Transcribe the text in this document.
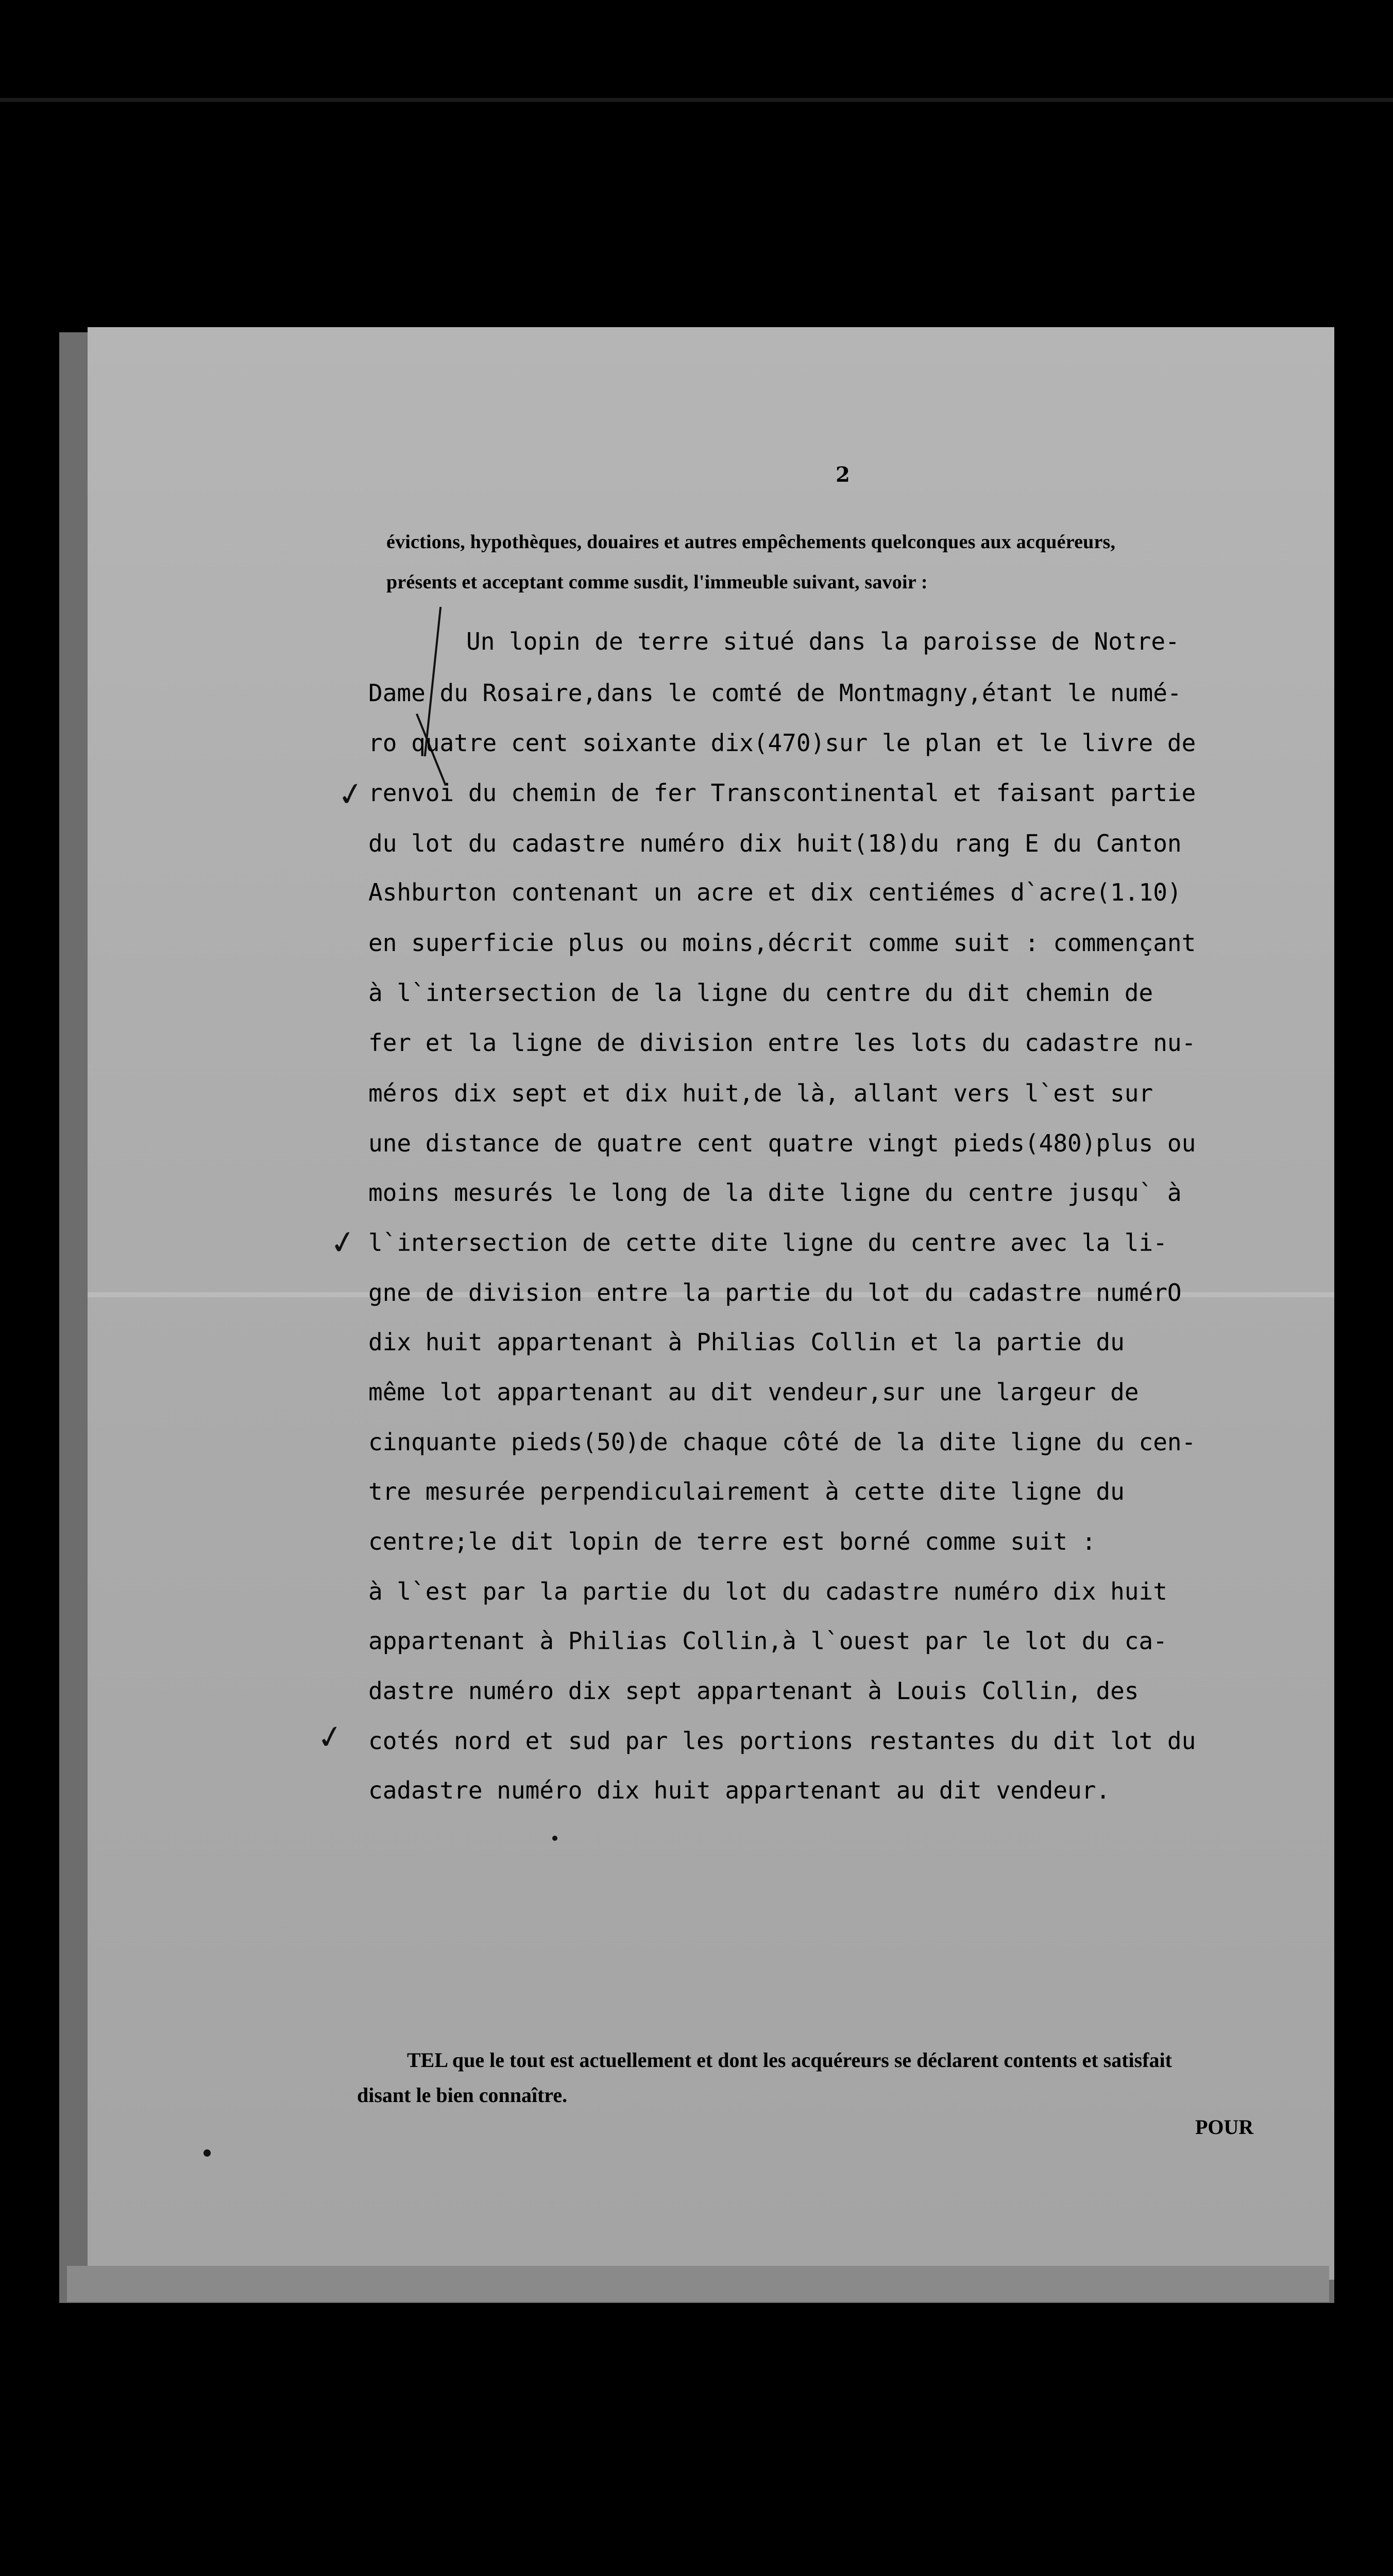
2
évictions, hypothèques, douaires et autres empêchements quelconques aux acquéreurs,
présents et acceptant comme susdit, l'immeuble suivant, savoir :
Un lopin de terre situé dans la paroisse de Notre-
Dame du Rosaire,dans le comté de Montmagny,étant le numé-
ro quatre cent soixante dix(470)sur le plan et le livre de
renvoi du chemin de fer Transcontinental et faisant partie
du lot du cadastre numéro dix huit(18)du rang E du Canton
Ashburton contenant un acre et dix centiémes d`acre(1.10)
en superficie plus ou moins,décrit comme suit : commençant
à l`intersection de la ligne du centre du dit chemin de
fer et la ligne de division entre les lots du cadastre nu-
méros dix sept et dix huit,de là, allant vers l`est sur
une distance de quatre cent quatre vingt pieds(480)plus ou
moins mesurés le long de la dite ligne du centre jusqu` à
l`intersection de cette dite ligne du centre avec la li-
gne de division entre la partie du lot du cadastre numérO
dix huit appartenant à Philias Collin et la partie du
même lot appartenant au dit vendeur,sur une largeur de
cinquante pieds(50)de chaque côté de la dite ligne du cen-
tre mesurée perpendiculairement à cette dite ligne du
centre;le dit lopin de terre est borné comme suit :
à l`est par la partie du lot du cadastre numéro dix huit
appartenant à Philias Collin,à l`ouest par le lot du ca-
dastre numéro dix sept appartenant à Louis Collin, des
cotés nord et sud par les portions restantes du dit lot du
cadastre numéro dix huit appartenant au dit vendeur.
✓
✓
✓
TEL que le tout est actuellement et dont les acquéreurs se déclarent contents et satisfait
disant le bien connaître.
POUR
